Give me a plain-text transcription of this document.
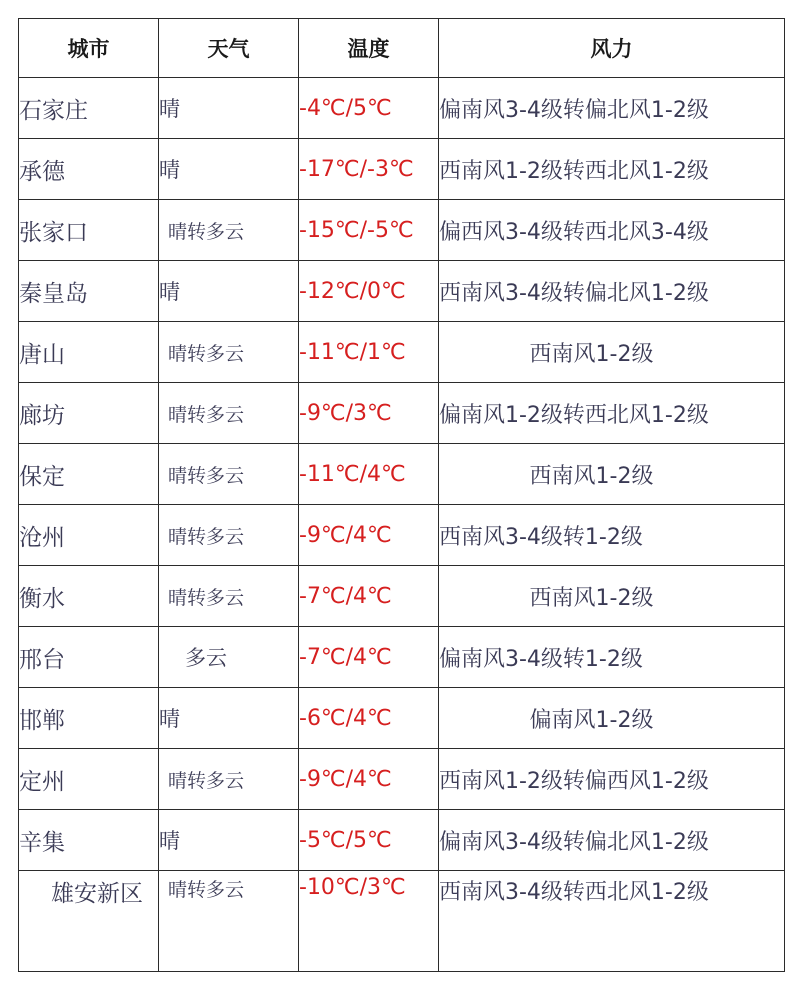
城市	天气	温度	风力
石家庄	晴	-4℃/5℃	偏南风3-4级转偏北风1-2级
承德	晴	-17℃/-3℃	西南风1-2级转西北风1-2级
张家口	晴转多云	-15℃/-5℃	偏西风3-4级转西北风3-4级
秦皇岛	晴	-12℃/0℃	西南风3-4级转偏北风1-2级
唐山	晴转多云	-11℃/1℃	西南风1-2级
廊坊	晴转多云	-9℃/3℃	偏南风1-2级转西北风1-2级
保定	晴转多云	-11℃/4℃	西南风1-2级
沧州	晴转多云	-9℃/4℃	西南风3-4级转1-2级
衡水	晴转多云	-7℃/4℃	西南风1-2级
邢台	多云	-7℃/4℃	偏南风3-4级转1-2级
邯郸	晴	-6℃/4℃	偏南风1-2级
定州	晴转多云	-9℃/4℃	西南风1-2级转偏西风1-2级
辛集	晴	-5℃/5℃	偏南风3-4级转偏北风1-2级
雄安新区	晴转多云	-10℃/3℃	西南风3-4级转西北风1-2级
